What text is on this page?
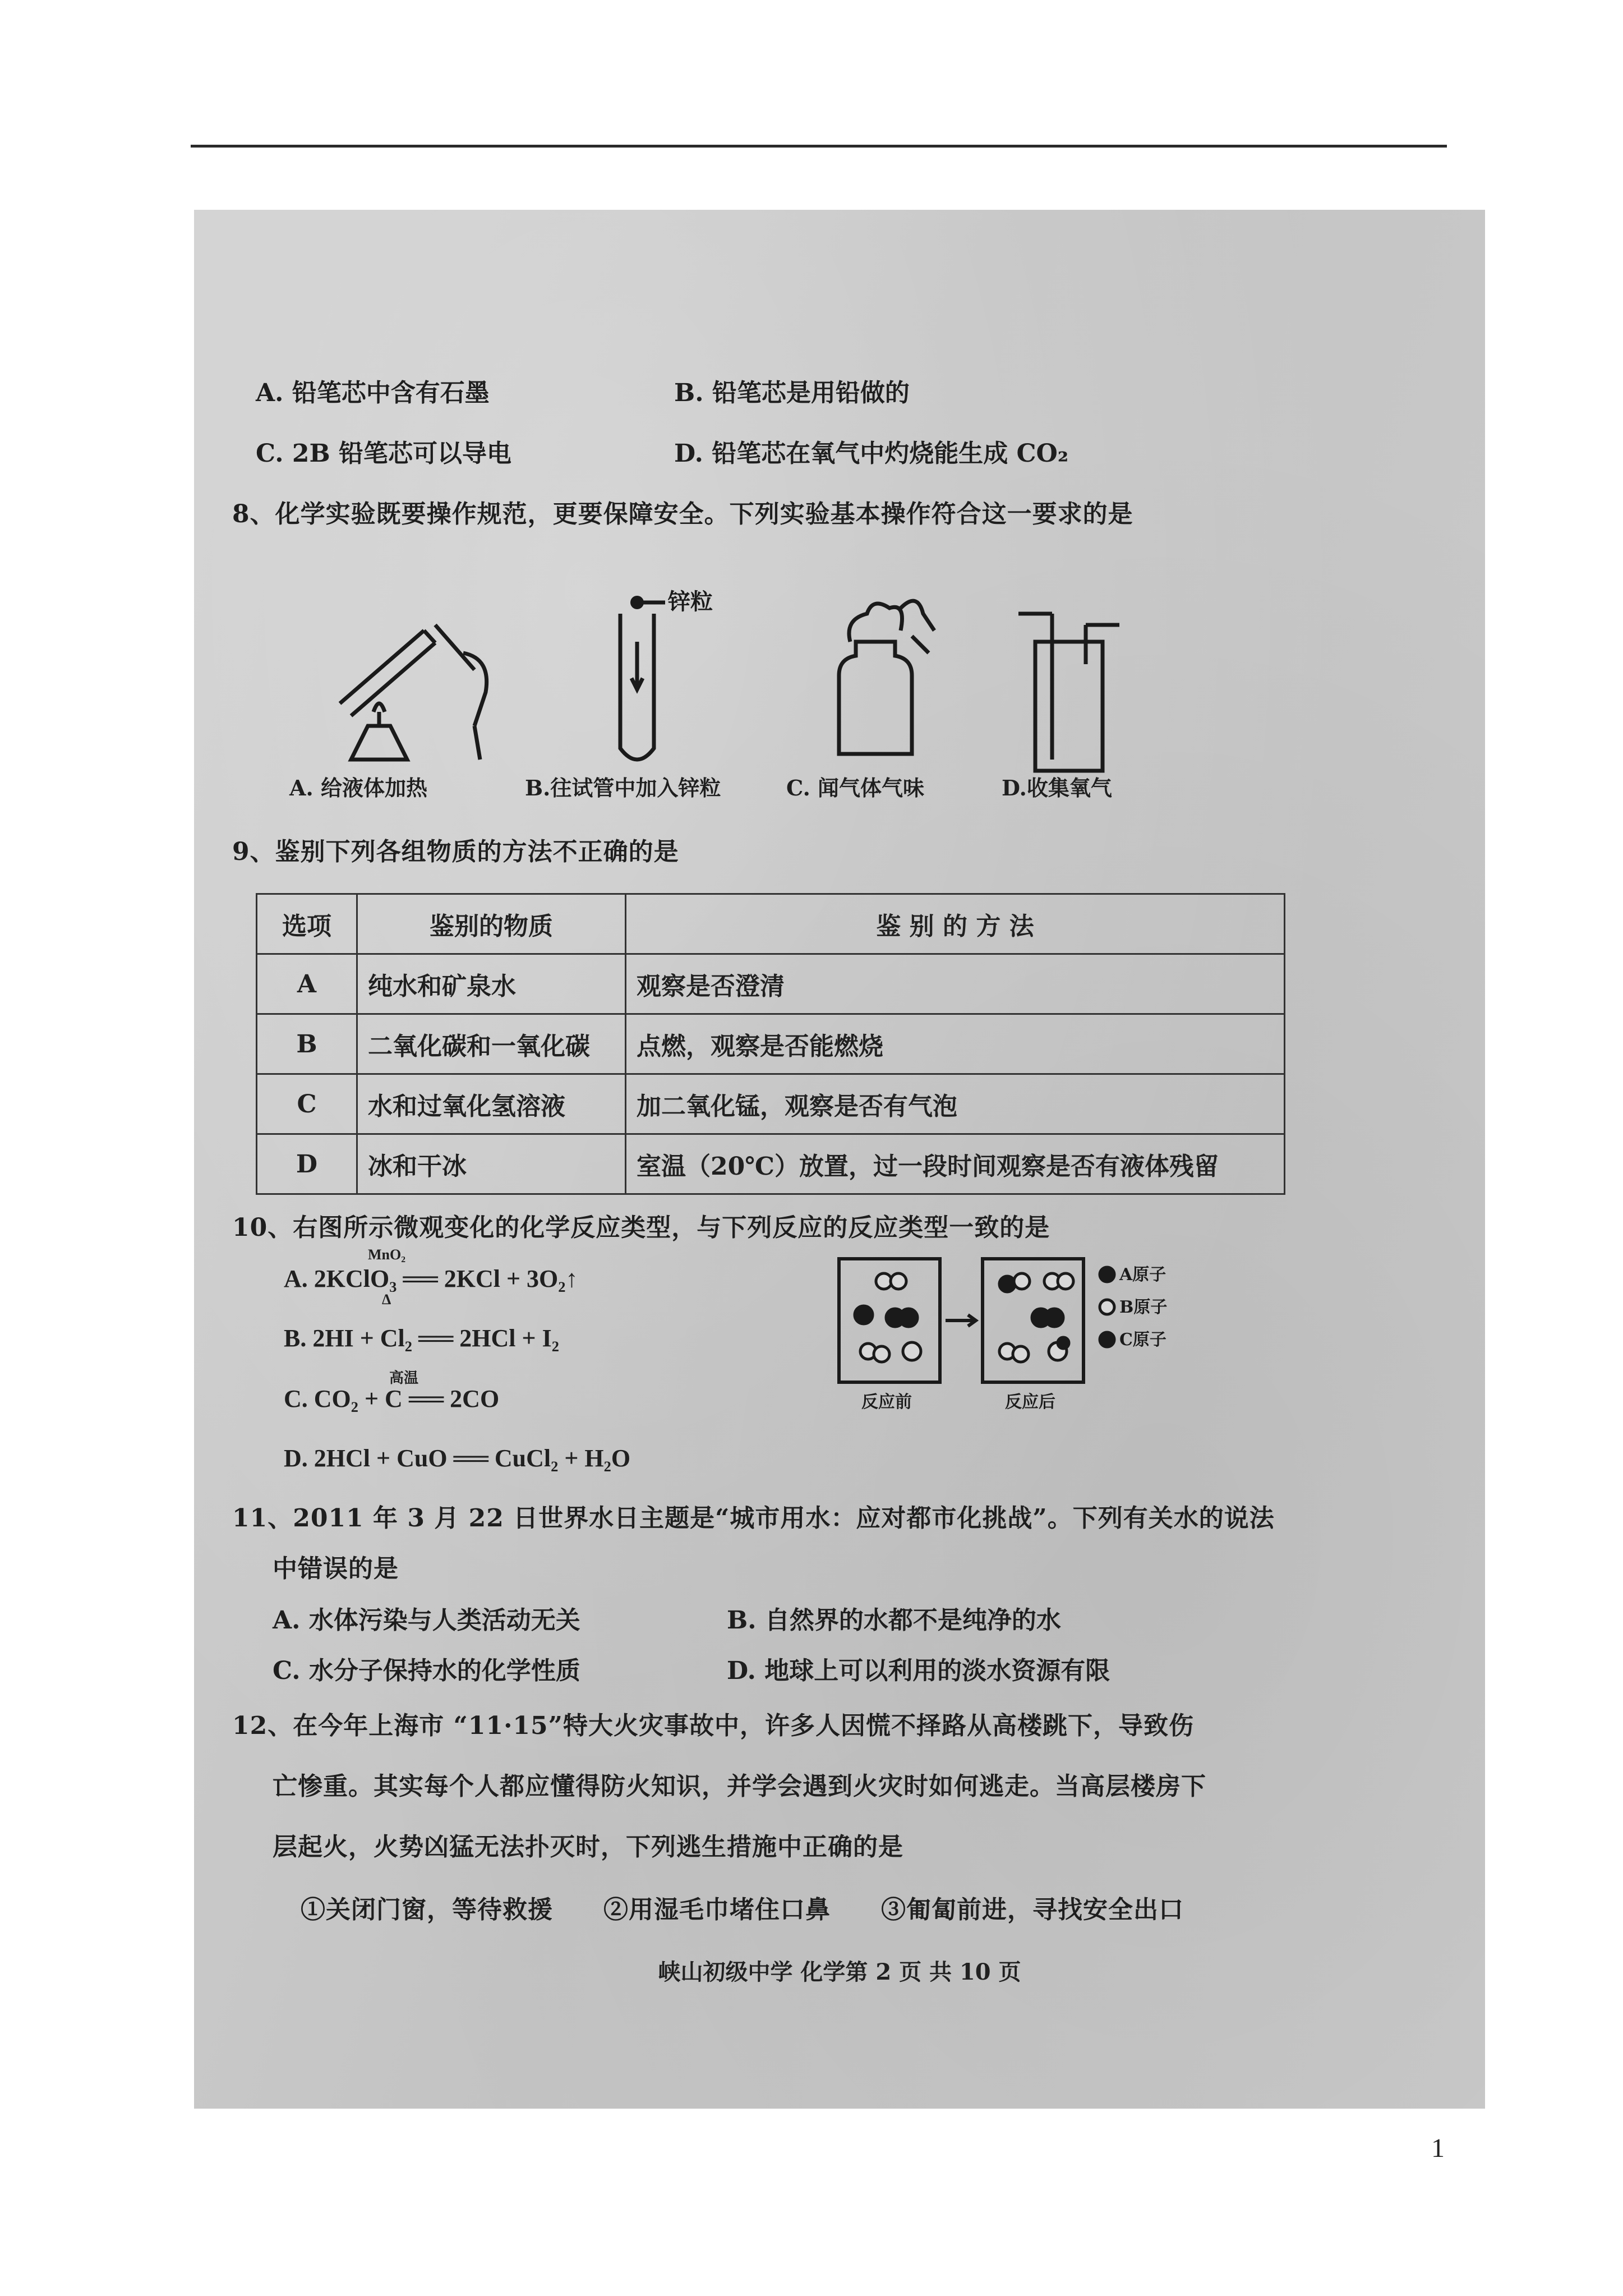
A. 铅笔芯中含有石墨	B. 铅笔芯是用铅做的
C. 2B 铅笔芯可以导电	D. 铅笔芯在氧气中灼烧能生成 CO₂
8、化学实验既要操作规范，更要保障安全。下列实验基本操作符合这一要求的是
锌粒
A. 给液体加热	B.往试管中加入锌粒	C. 闻气体气味	D.收集氧气
9、鉴别下列各组物质的方法不正确的是
选项	鉴别的物质	鉴 别 的 方 法
A	纯水和矿泉水	观察是否澄清
B	二氧化碳和一氧化碳	点燃，观察是否能燃烧
C	水和过氧化氢溶液	加二氧化锰，观察是否有气泡
D	冰和干冰	室温（20℃）放置，过一段时间观察是否有液体残留
10、右图所示微观变化的化学反应类型，与下列反应的反应类型一致的是
A. 2KClO₃ ══ 2KCl + 3O₂↑
MnO₂
Δ
B. 2HI + Cl₂ ══ 2HCl + I₂
C. CO₂ + C ══ 2CO
高温
D. 2HCl + CuO ══ CuCl₂ + H₂O
A原子
B原子
C原子
反应前	反应后
11、2011 年 3 月 22 日世界水日主题是“城市用水：应对都市化挑战”。下列有关水的说法
中错误的是
A. 水体污染与人类活动无关	B. 自然界的水都不是纯净的水
C. 水分子保持水的化学性质	D. 地球上可以利用的淡水资源有限
12、在今年上海市 “11·15”特大火灾事故中，许多人因慌不择路从高楼跳下，导致伤
亡惨重。其实每个人都应懂得防火知识，并学会遇到火灾时如何逃走。当高层楼房下
层起火，火势凶猛无法扑灭时，下列逃生措施中正确的是
①关闭门窗，等待救援　　②用湿毛巾堵住口鼻　　③匍匐前进，寻找安全出口
峡山初级中学 化学第 2 页 共 10 页
1
